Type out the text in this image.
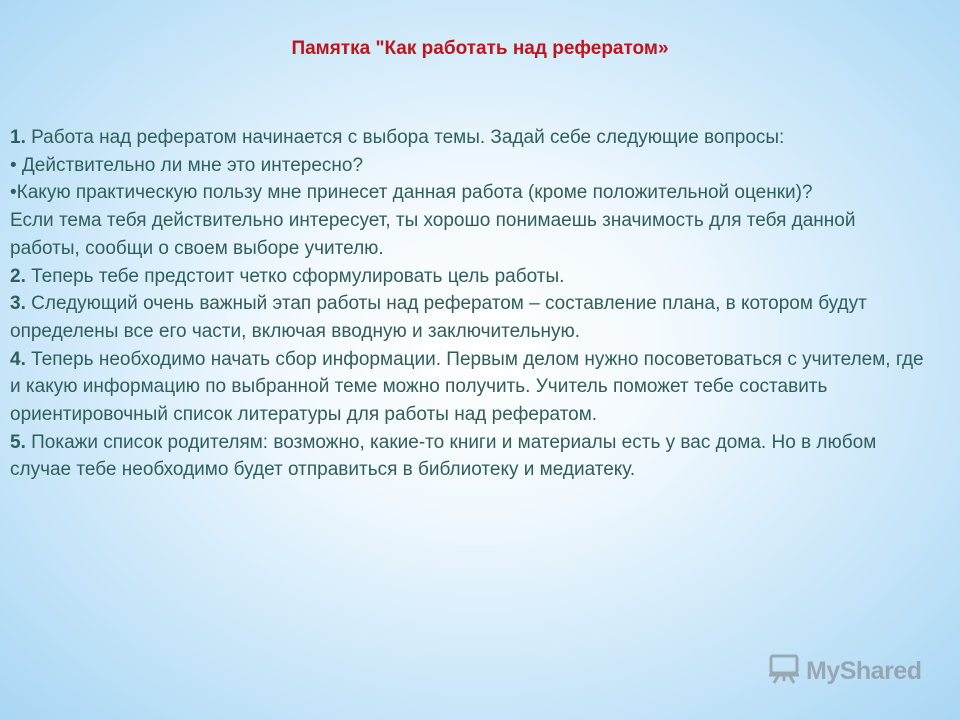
Памятка "Как работать над рефератом»

1. Работа над рефератом начинается с выбора темы. Задай себе следующие вопросы:

• Действительно ли мне это интересно?

•Какую практическую пользу мне принесет данная работа (кроме положительной оценки)?

Если тема тебя действительно интересует, ты хорошо понимаешь значимость для тебя данной работы, сообщи о своем выборе учителю.

2. Теперь тебе предстоит четко сформулировать цель работы.

3. Следующий очень важный этап работы над рефератом – составление плана, в котором будут определены все его части, включая вводную и заключительную.

4. Теперь необходимо начать сбор информации. Первым делом нужно посоветоваться с учителем, где и какую информацию по выбранной теме можно получить. Учитель поможет тебе составить ориентировочный список литературы для работы над рефератом.

5. Покажи список родителям: возможно, какие-то книги и материалы есть у вас дома. Но в любом случае тебе необходимо будет отправиться в библиотеку и медиатеку.

MyShared
